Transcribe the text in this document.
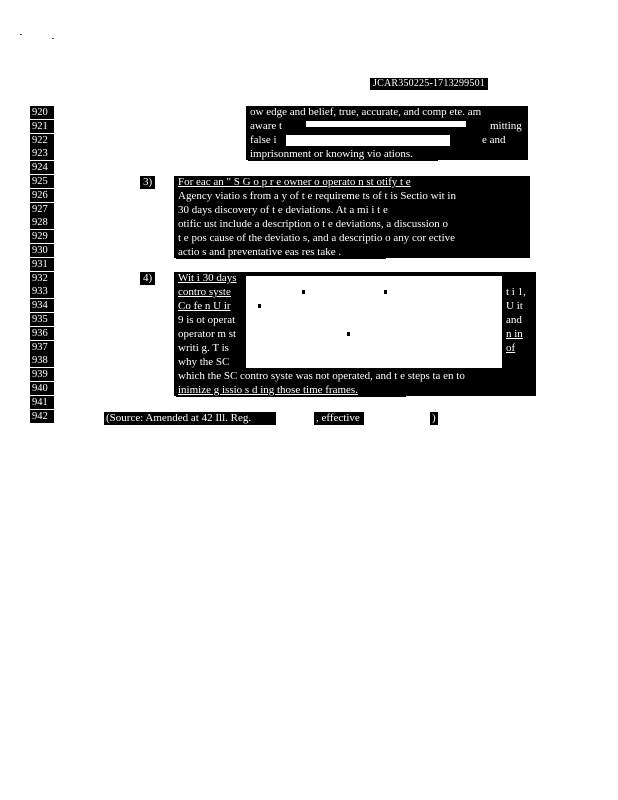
JCAR350225-1713299501
920
921
922
923
924
925
926
927
928
929
930
931
932
933
934
935
936
937
938
939
940
941
942
ow edge and belief, true, accurate, and comp ete. am
aware t	mitting
false i	e and
imprisonment or knowing vio ations.
3) For eac an " S G o p r e owner o operato n st otify t e
Agency viatio s from a y of t e requireme ts of t is Sectio wit in
30 days discovery of t e deviations. At a mi i t e
otific ust include a description o t e deviations, a discussion o
t e pos cause of the deviatio s, and a descriptio o any cor ective
actio s and preventative eas res take .
4) Wit i 30 days
contro syste
Co fe n U ir
9 is ot operat
operator m st
writi g. T is
why the SC
t i 1,
U it
and
n in
of
which the SC contro syste was not operated, and t e steps ta en to
inimize g issio s d ing those time frames.
(Source: Amended at 42 Ill. Reg.	, effective	)
